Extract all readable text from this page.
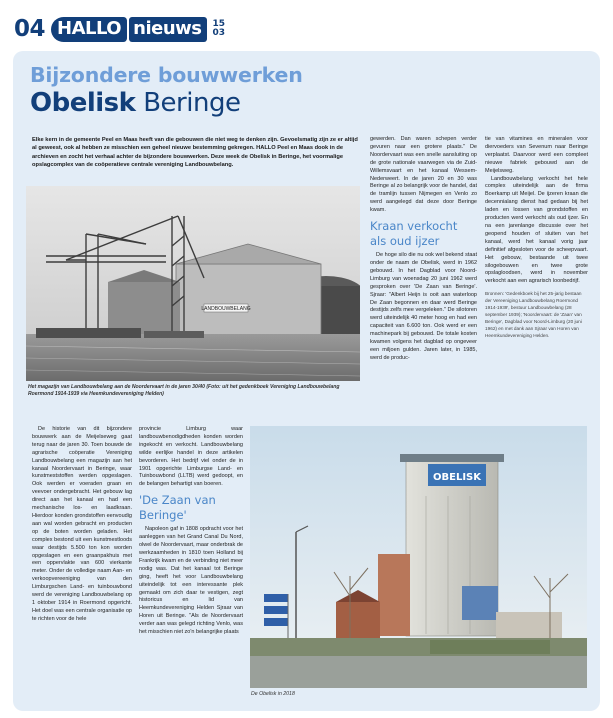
04 HALLO nieuws	15
03
Bijzondere bouwwerken
Obelisk Beringe
Elke kern in de gemeente Peel en Maas heeft van die gebouwen die niet weg te denken zijn. Gevoelsmatig zijn ze er altijd al geweest, ook al hebben ze misschien een geheel nieuwe bestemming gekregen. HALLO Peel en Maas dook in de archieven en zocht het verhaal achter de bijzondere bouwwerken. Deze week de Obelisk in Beringe, het voormalige opslagcomplex van de coöperatieve centrale vereniging Landbouwbelang.
LANDBOUWBELANG
Het magazijn van Landbouwbelang aan de Noordervaart in de jaren 30/40 (Foto: uit het gedenkboek Vereniging Landbouwbelang Roermond 1914-1939 via Heemkundevereniging Helden)

gewerden. Dan waren schepen verder gevuren naar een grotere plaats." De Noordervaart was een snelle aansluiting op de grote nationale vaarwegen via de Zuid-Willemsvaart en het kanaal Wessem-Nederweert. In de jaren 20 en 30 was Beringe al zo belangrijk voor de handel, dat de tramlijn tussen Nijmegen en Venlo zo werd aangelegd dat deze door Beringe kwam.

Kraan verkocht als oud ijzer

De hoge silo die nu ook wel bekend staat onder de naam de Obelisk, werd in 1962 gebouwd. In het Dagblad voor Noord-Limburg van woensdag 20 juni 1962 werd gesproken over 'De Zaan van Beringe'. Sjraar: "Albert Heijn is ooit aan waterloop De Zaan begonnen en daar werd Beringe destijds zelfs mee vergeleken." De silotoren werd uiteindelijk 40 meter hoog en had een capaciteit van 6.600 ton. Ook werd er een machinepark bij gebouwd. De totale kosten kwamen volgens het dagblad op ongeveer een miljoen gulden. Jaren later, in 1985, werd de produc-

tie van vitamines en mineralen voor diervoeders van Sevenum naar Beringe verplaatst. Daarvoor werd een compleet nieuwe fabriek gebouwd aan de Meijelsweg.

Landbouwbelang verkocht het hele complex uiteindelijk aan de firma Boerkamp uit Meijel. De ijzeren kraan die decennialang dienst had gedaan bij het laden en lossen van grondstoffen en producten werd verkocht als oud ijzer. En na een jarenlange discussie over het geopend houden of sluiten van het kanaal, werd het kanaal vorig jaar definitief afgesloten voor de scheepvaart. Het gebouw, bestaande uit twee silogebouwen en twee grote opslagloodsen, werd in november verkocht aan een agrarisch loonbedrijf.

Bronnen: 'Gedenkboek bij het 25-jarig bestaan der Vereeniging Landbouwbelang Roermond 1914-1939', bestuur Landbouwbelang (28 september 1939); 'Noordervaart: de 'Zaan' van Beringe', Dagblad voor Noord-Limburg (20 juni 1962) en met dank aan Sjraar van Horen van Heemkundevereniging Helden.

De historie van dit bijzondere bouwwerk aan de Meijelseweg gaat terug naar de jaren 30. Toen bouwde de agrarische coöperatie Vereniging Landbouwbelang een magazijn aan het kanaal Noordervaart in Beringe, waar kunstmeststoffen werden opgeslagen. Ook werden er voeraden graan en veevoer ondergebracht. Het gebouw lag direct aan het kanaal en had een mechanische los- en laadkraan. Hierdoor konden grondstoffen eenvoudig aan wal worden gebracht en producten op de boten worden geladen. Het complex bestond uit een kunstmestloods waar destijds 5.500 ton kon worden opgeslagen en een graanpakhuis met een oppervlakte van 600 vierkante meter. Onder de volledige naam Aan- en verkoopvereeniging van den Limburgschen Land- en tuinbouwbond werd de vereniging Landbouwbelang op 1 oktober 1914 in Roermond opgericht. Het doel was een centrale organisatie op te richten voor de hele

provincie Limburg waar landbouwbenodigdheden konden worden ingekocht en verkocht. Landbouwbelang wilde eerlijke handel in deze artikelen bevorderen. Het bedrijf viel onder de in 1901 opgerichte Limburgse Land- en Tuinbouwbond (LLTB) werd gedoopt, en de belangen behartigt van boeren.

'De Zaan van Beringe'

Napoleon gaf in 1808 opdracht voor het aanleggen van het Grand Canal Du Nord, olwel de Noordervaart, maar onderbrak de werkzaamheden in 1810 toen Holland bij Frankrijk kwam en de verbinding niet meer nodig was. Dat het kanaal tot Beringe ging, heeft het voor Landbouwbelang uiteindelijk tot een interessante plek gemaakt om zich daar te vestigen, zegt historicus en lid van Heemkundevereniging Helden Sjraar van Horen uit Beringe. "Als de Noordervaart verder aan was gelegd richting Venlo, was het misschien niet zo'n belangrijke plaats

OBELISK
De Obelisk in 2018
